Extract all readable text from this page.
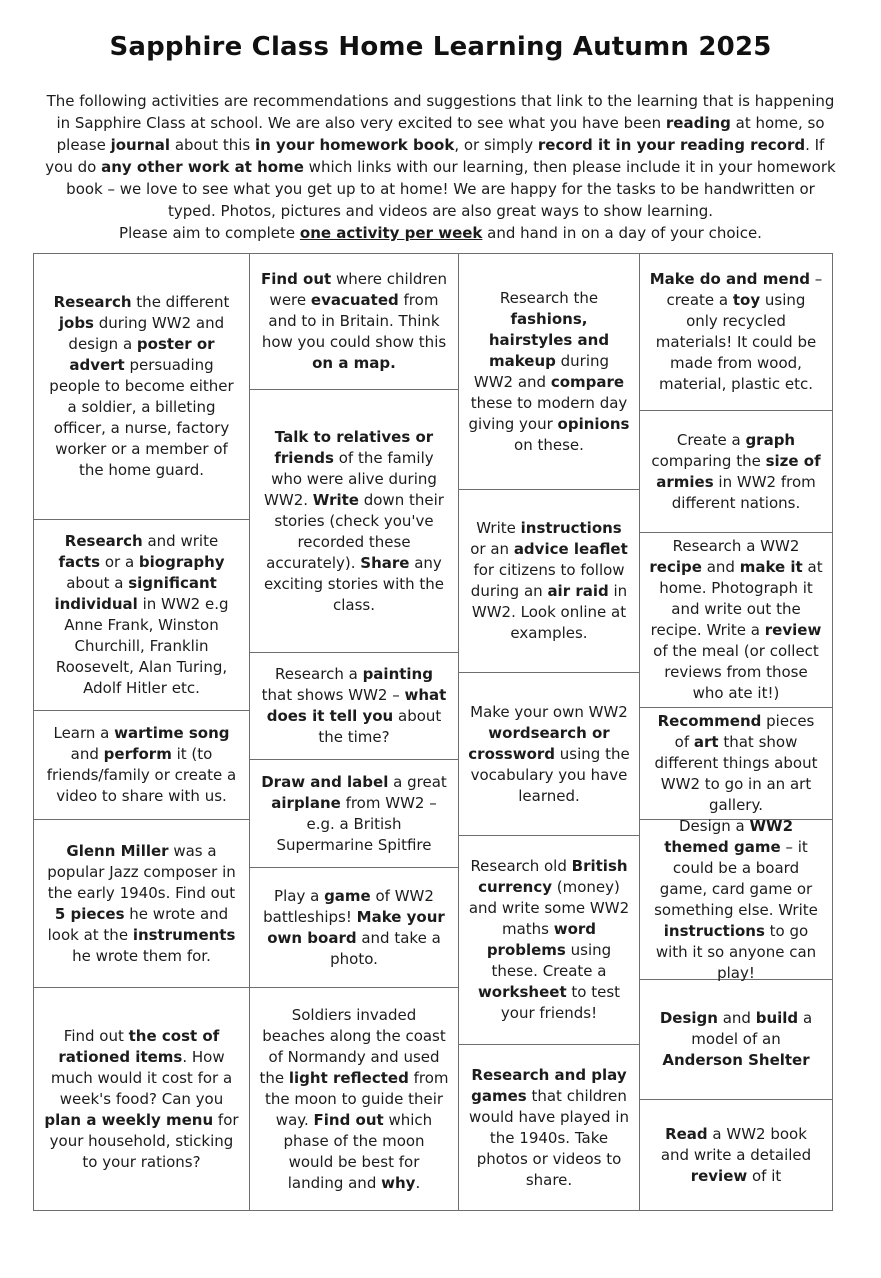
Sapphire Class Home Learning Autumn 2025

The following activities are recommendations and suggestions that link to the learning that is happening in Sapphire Class at school. We are also very excited to see what you have been reading at home, so please journal about this in your homework book, or simply record it in your reading record. If you do any other work at home which links with our learning, then please include it in your homework book – we love to see what you get up to at home! We are happy for the tasks to be handwritten or typed. Photos, pictures and videos are also great ways to show learning.

Please aim to complete one activity per week and hand in on a day of your choice.

Research the different jobs during WW2 and design a poster or advert persuading people to become either a soldier, a billeting officer, a nurse, factory worker or a member of the home guard.
Research and write facts or a biography about a significant individual in WW2 e.g Anne Frank, Winston Churchill, Franklin Roosevelt, Alan Turing, Adolf Hitler etc.
Learn a wartime song and perform it (to friends/family or create a video to share with us.
Glenn Miller was a popular Jazz composer in the early 1940s. Find out 5 pieces he wrote and look at the instruments he wrote them for.
Find out the cost of rationed items. How much would it cost for a week's food? Can you plan a weekly menu for your household, sticking to your rations?
Find out where children were evacuated from and to in Britain. Think how you could show this on a map.
Talk to relatives or friends of the family who were alive during WW2. Write down their stories (check you've recorded these accurately). Share any exciting stories with the class.
Research a painting that shows WW2 – what does it tell you about the time?
Draw and label a great airplane from WW2 – e.g. a British Supermarine Spitfire
Play a game of WW2 battleships! Make your own board and take a photo.
Soldiers invaded beaches along the coast of Normandy and used the light reflected from the moon to guide their way. Find out which phase of the moon would be best for landing and why.
Research the fashions, hairstyles and makeup during WW2 and compare these to modern day giving your opinions on these.
Write instructions or an advice leaflet for citizens to follow during an air raid in WW2. Look online at examples.
Make your own WW2 wordsearch or crossword using the vocabulary you have learned.
Research old British currency (money) and write some WW2 maths word problems using these. Create a worksheet to test your friends!
Research and play games that children would have played in the 1940s. Take photos or videos to share.
Make do and mend – create a toy using only recycled materials! It could be made from wood, material, plastic etc.
Create a graph comparing the size of armies in WW2 from different nations.
Research a WW2 recipe and make it at home. Photograph it and write out the recipe. Write a review of the meal (or collect reviews from those who ate it!)
Recommend pieces of art that show different things about WW2 to go in an art gallery.
Design a WW2 themed game – it could be a board game, card game or something else. Write instructions to go with it so anyone can play!
Design and build a model of an Anderson Shelter
Read a WW2 book and write a detailed review of it
